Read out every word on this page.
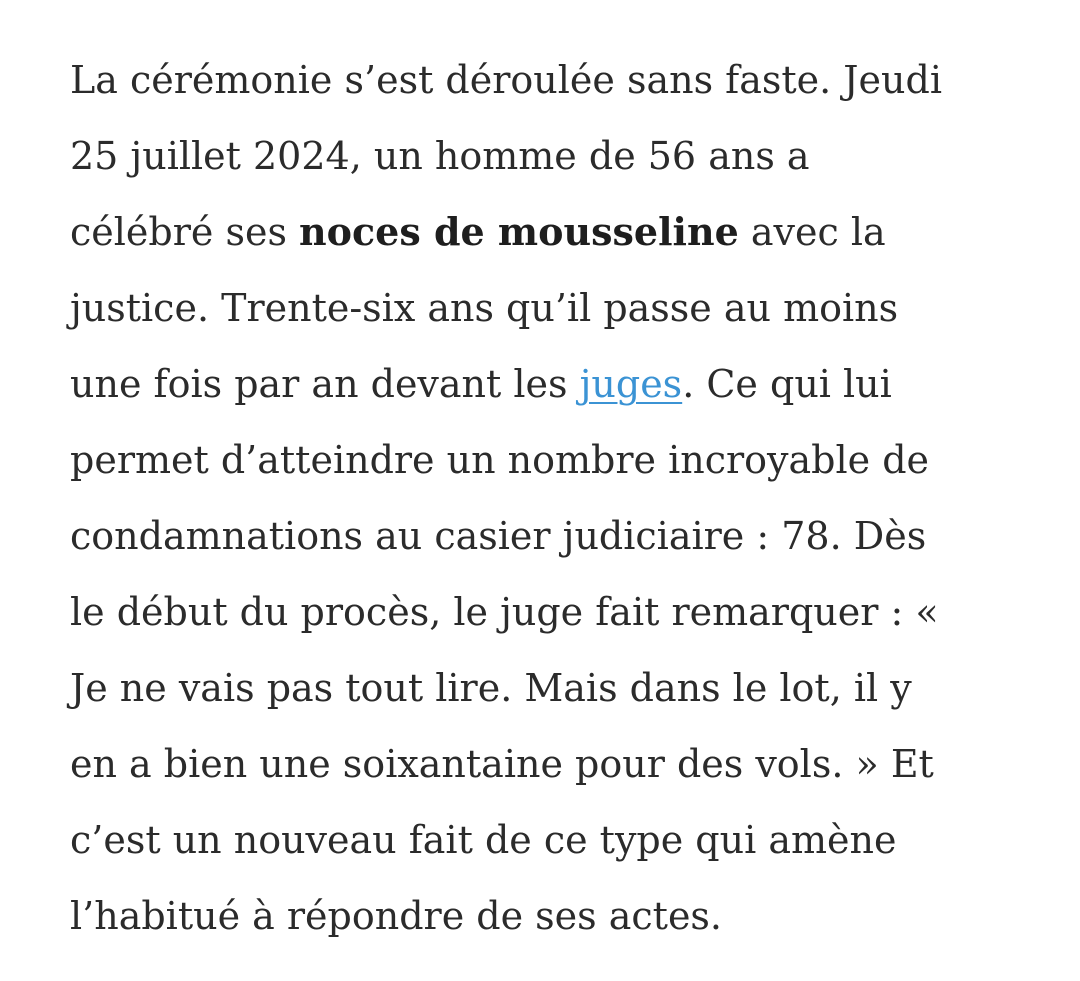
La cérémonie s’est déroulée sans faste. Jeudi
25 juillet 2024, un homme de 56 ans a
célébré ses noces de mousseline avec la
justice. Trente-six ans qu’il passe au moins
une fois par an devant les juges. Ce qui lui
permet d’atteindre un nombre incroyable de
condamnations au casier judiciaire : 78. Dès
le début du procès, le juge fait remarquer : «
Je ne vais pas tout lire. Mais dans le lot, il y
en a bien une soixantaine pour des vols. » Et
c’est un nouveau fait de ce type qui amène
l’habitué à répondre de ses actes.
